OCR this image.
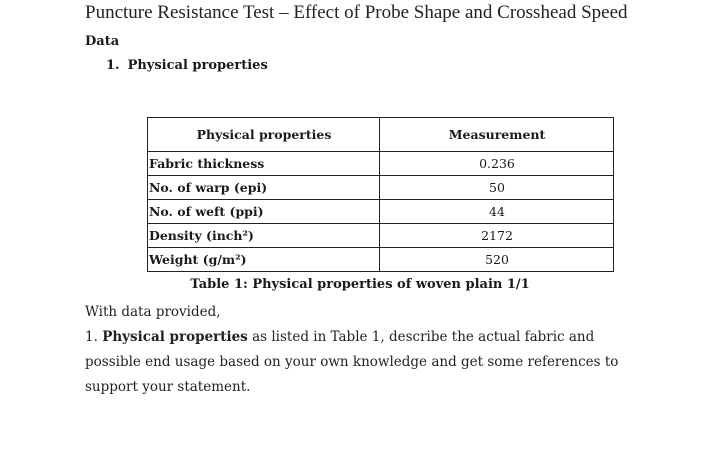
Puncture Resistance Test – Effect of Probe Shape and Crosshead Speed
Data
1. Physical properties
Physical properties	Measurement
Fabric thickness	0.236
No. of warp (epi)	50
No. of weft (ppi)	44
Density (inch²)	2172
Weight (g/m²)	520
Table 1: Physical properties of woven plain 1/1

With data provided,

1. Physical properties as listed in Table 1, describe the actual fabric and possible end usage based on your own knowledge and get some references to support your statement.
